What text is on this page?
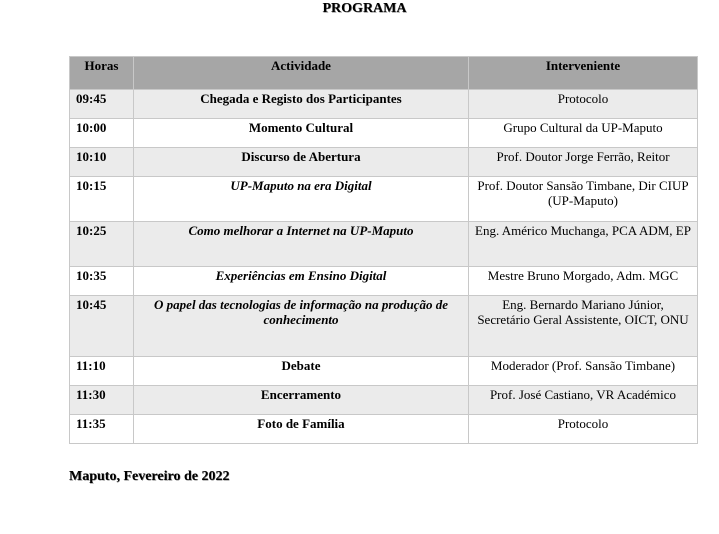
PROGRAMA
Horas	Actividade	Interveniente
09:45	Chegada e Registo dos Participantes	Protocolo
10:00	Momento Cultural	Grupo Cultural da UP-Maputo
10:10	Discurso de Abertura	Prof. Doutor Jorge Ferrão, Reitor
10:15	UP-Maputo na era Digital	Prof. Doutor Sansão Timbane, Dir CIUP (UP-Maputo)
10:25	Como melhorar a Internet na UP-Maputo	Eng. Américo Muchanga, PCA ADM, EP
10:35	Experiências em Ensino Digital	Mestre Bruno Morgado, Adm. MGC
10:45	O papel das tecnologias de informação na produção de conhecimento	Eng. Bernardo Mariano Júnior, Secretário Geral Assistente, OICT, ONU
11:10	Debate	Moderador (Prof. Sansão Timbane)
11:30	Encerramento	Prof. José Castiano, VR Académico
11:35	Foto de Família	Protocolo
Maputo, Fevereiro de 2022
